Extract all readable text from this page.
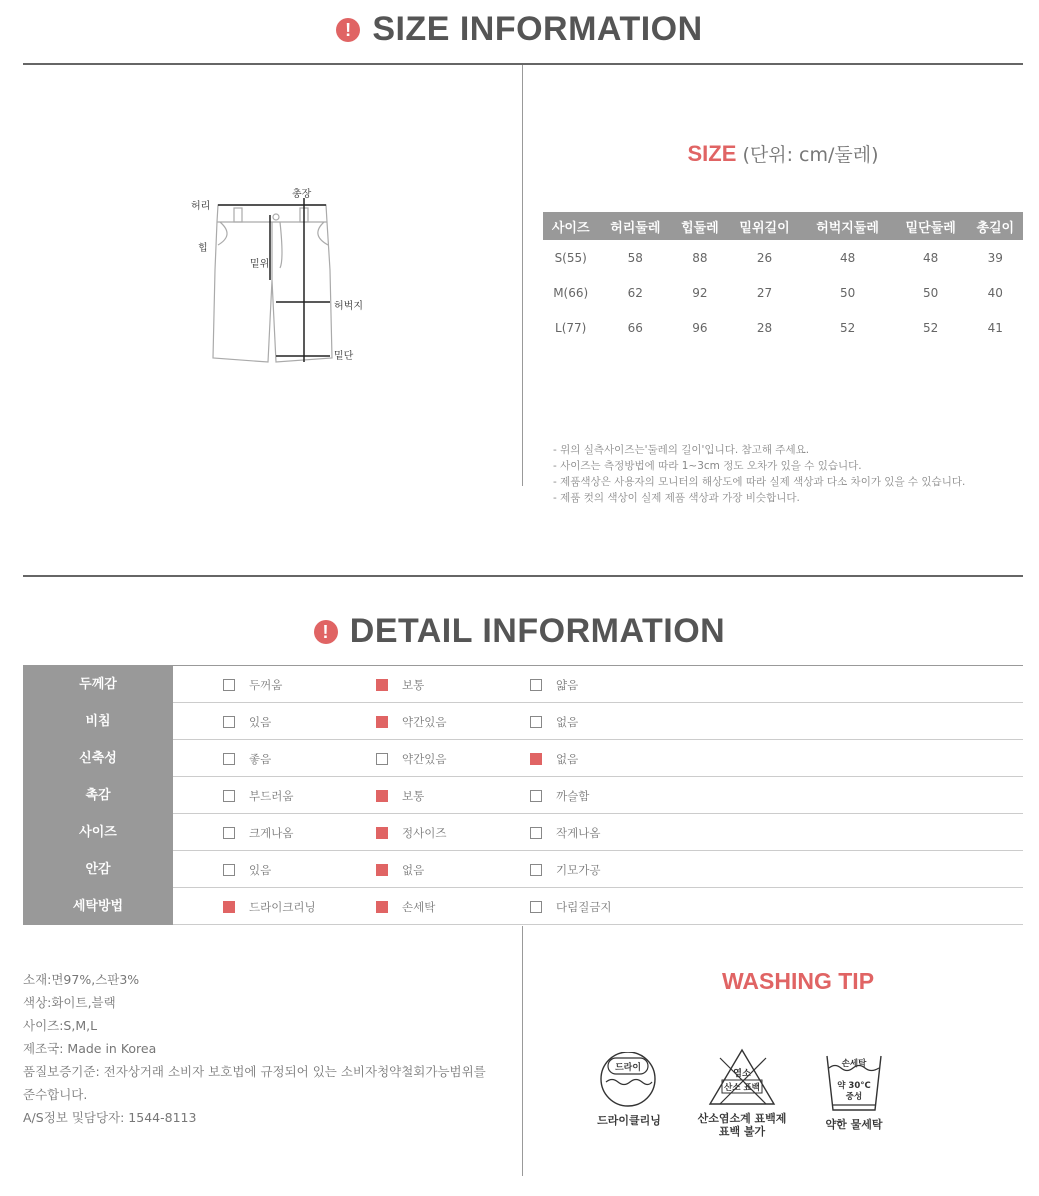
! SIZE INFORMATION
허리
총장
힙
밑위
허벅지
밑단
SIZE (단위: cm/둘레)
사이즈	허리둘레	힙둘레	밑위길이	허벅지둘레	밑단둘레	총길이
S(55)	58	88	26	48	48	39
M(66)	62	92	27	50	50	40
L(77)	66	96	28	52	52	41
- 위의 실측사이즈는'둘레의 길이'입니다. 참고해 주세요.
- 사이즈는 측정방법에 따라 1~3cm 정도 오차가 있을 수 있습니다.
- 제품색상은 사용자의 모니터의 해상도에 따라 실제 색상과 다소 차이가 있을 수 있습니다.
- 제품 컷의 색상이 실제 제품 색상과 가장 비슷합니다.
! DETAIL INFORMATION
두께감	두꺼움	보통	얇음
비침	있음	약간있음	없음
신축성	좋음	약간있음	없음
촉감	부드러움	보통	까슬함
사이즈	크게나옴	정사이즈	작게나옴
안감	있음	없음	기모가공
세탁방법	드라이크리닝	손세탁	다림질금지
소재:면97%,스판3%
색상:화이트,블랙
사이즈:S,M,L
제조국: Made in Korea
품질보증기준: 전자상거래 소비자 보호법에 규정되어 있는 소비자청약철회가능범위를
준수합니다.
A/S정보 및담당자: 1544-8113
WASHING TIP
드라이
드라이클리닝
염소
산소 표백
산소염소계 표백제
표백 불가
손세탁
약 30°C
중성
약한 물세탁
